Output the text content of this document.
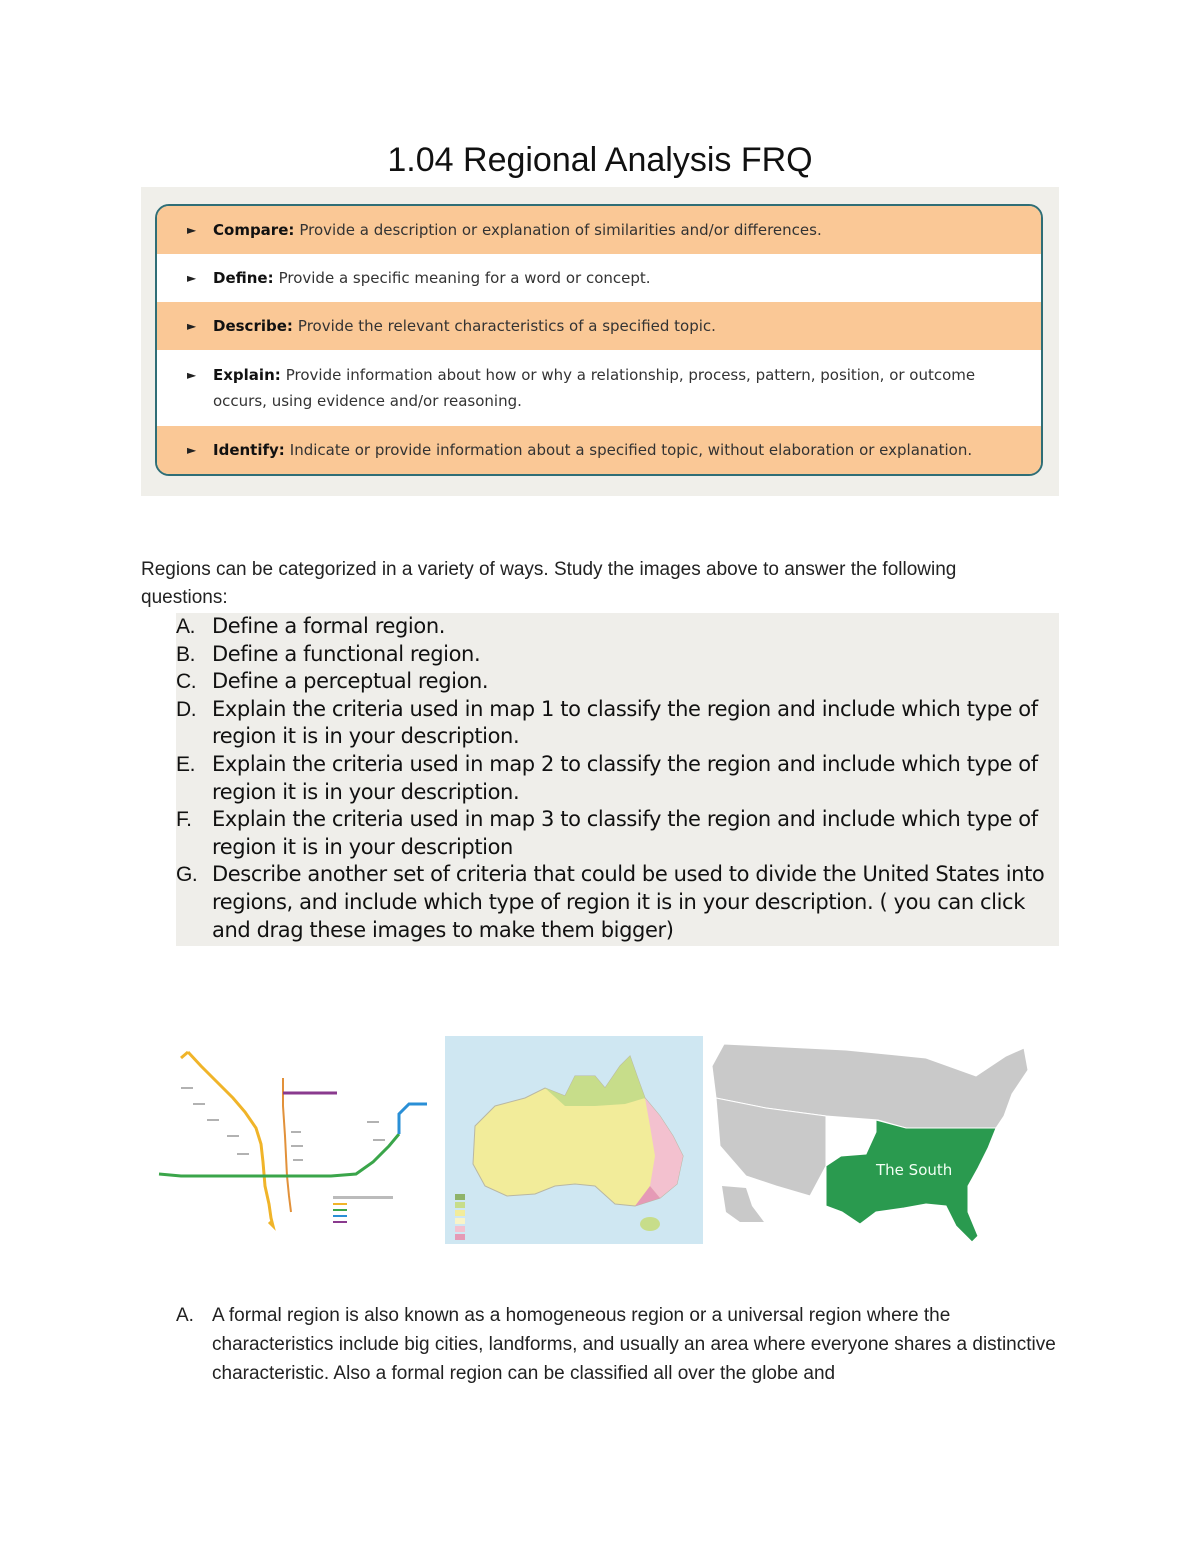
1.04 Regional Analysis FRQ
► Compare: Provide a description or explanation of similarities and/or differences.
► Define: Provide a specific meaning for a word or concept.
► Describe: Provide the relevant characteristics of a specified topic.
► Explain: Provide information about how or why a relationship, process, pattern, position, or outcome occurs, using evidence and/or reasoning.
► Identify: Indicate or provide information about a specified topic, without elaboration or explanation.
Regions can be categorized in a variety of ways. Study the images above to answer the following questions:
A. Define a formal region.
B. Define a functional region.
C. Define a perceptual region.
D. Explain the criteria used in map 1 to classify the region and include which type of region it is in your description.
E. Explain the criteria used in map 2 to classify the region and include which type of region it is in your description.
F. Explain the criteria used in map 3 to classify the region and include which type of region it is in your description
G. Describe another set of criteria that could be used to divide the United States into regions, and include which type of region it is in your description. ( you can click and drag these images to make them bigger)
The South
A. A formal region is also known as a homogeneous region or a universal region where the characteristics include big cities, landforms, and usually an area where everyone shares a distinctive characteristic. Also a formal region can be classified all over the globe and
